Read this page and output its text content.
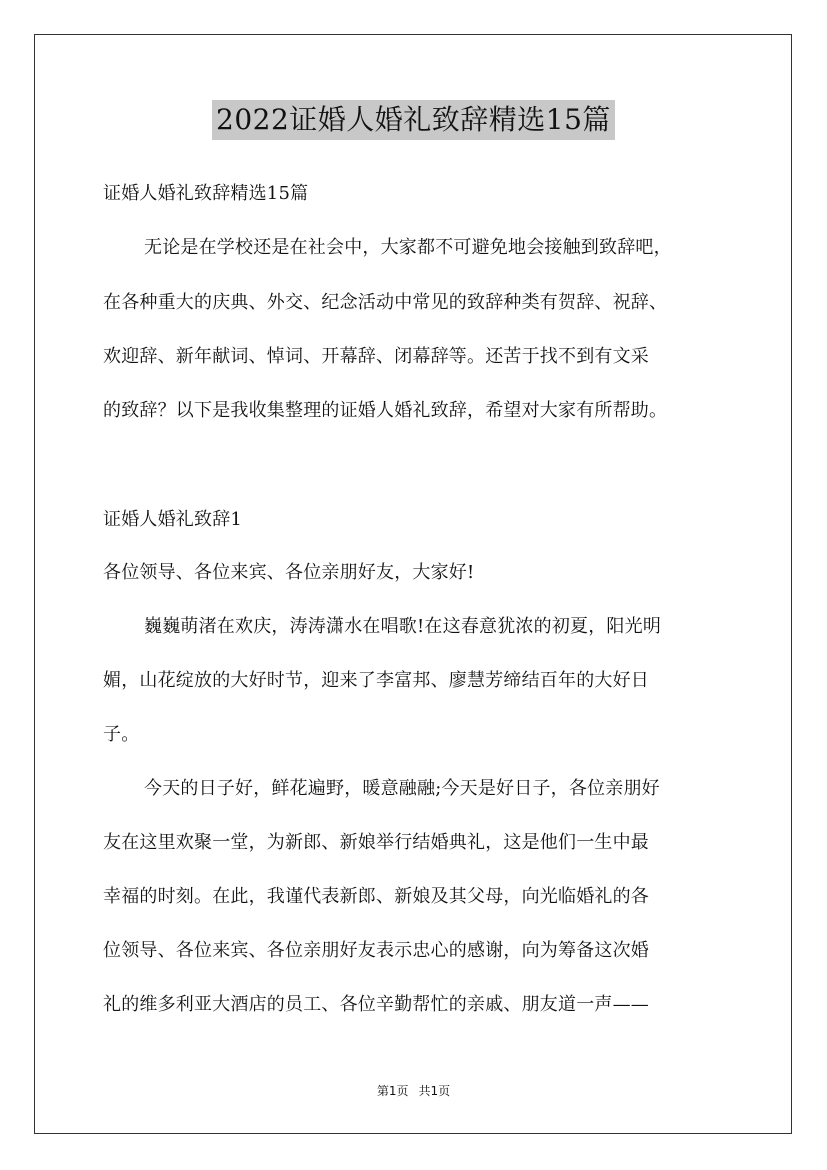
2022证婚人婚礼致辞精选15篇
证婚人婚礼致辞精选15篇
无论是在学校还是在社会中，大家都不可避免地会接触到致辞吧，
在各种重大的庆典、外交、纪念活动中常见的致辞种类有贺辞、祝辞、
欢迎辞、新年献词、悼词、开幕辞、闭幕辞等。还苦于找不到有文采
的致辞？以下是我收集整理的证婚人婚礼致辞，希望对大家有所帮助。
证婚人婚礼致辞1
各位领导、各位来宾、各位亲朋好友，大家好!
巍巍萌渚在欢庆，涛涛潇水在唱歌!在这春意犹浓的初夏，阳光明
媚，山花绽放的大好时节，迎来了李富邦、廖慧芳缔结百年的大好日
子。
今天的日子好，鲜花遍野，暖意融融;今天是好日子，各位亲朋好
友在这里欢聚一堂，为新郎、新娘举行结婚典礼，这是他们一生中最
幸福的时刻。在此，我谨代表新郎、新娘及其父母，向光临婚礼的各
位领导、各位来宾、各位亲朋好友表示忠心的感谢，向为筹备这次婚
礼的维多利亚大酒店的员工、各位辛勤帮忙的亲戚、朋友道一声——
第1页 共1页
